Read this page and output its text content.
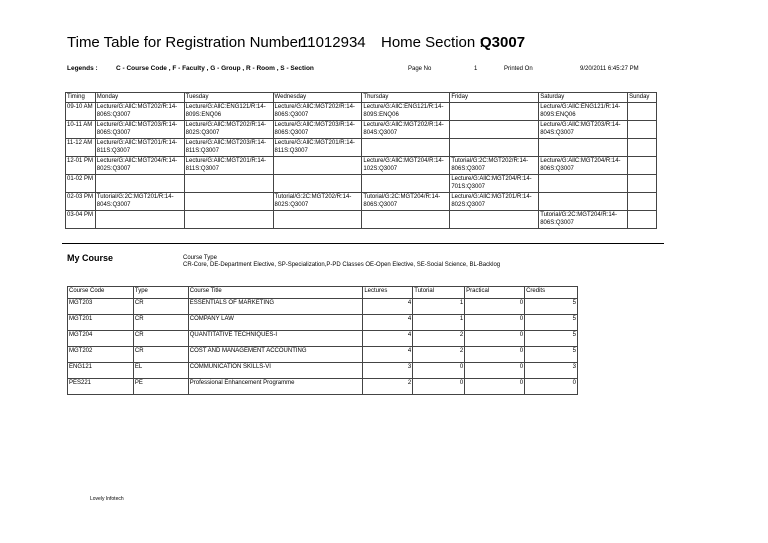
Time Table for Registration Number :
11012934 Home Section :
Q3007
Legends :	C - Course Code , F - Faculty , G - Group , R - Room , S - Section	Page No	1	Printed On	9/20/2011 6:45:27 PM
Timing	Monday	Tuesday	Wednesday	Thursday	Friday	Saturday	Sunday
09-10 AM	Lecture/G:AllC:MGT202/R:14-806S:Q3007	Lecture/G:AllC:ENG121/R:14-809S:ENQ06	Lecture/G:AllC:MGT202/R:14-806S:Q3007	Lecture/G:AllC:ENG121/R:14-809S:ENQ06		Lecture/G:AllC:ENG121/R:14-809S:ENQ06	
10-11 AM	Lecture/G:AllC:MGT203/R:14-806S:Q3007	Lecture/G:AllC:MGT202/R:14-802S:Q3007	Lecture/G:AllC:MGT203/R:14-806S:Q3007	Lecture/G:AllC:MGT202/R:14-804S:Q3007		Lecture/G:AllC:MGT203/R:14-804S:Q3007	
11-12 AM	Lecture/G:AllC:MGT201/R:14-811S:Q3007	Lecture/G:AllC:MGT203/R:14-811S:Q3007	Lecture/G:AllC:MGT201/R:14-811S:Q3007				
12-01 PM	Lecture/G:AllC:MGT204/R:14-802S:Q3007	Lecture/G:AllC:MGT201/R:14-811S:Q3007		Lecture/G:AllC:MGT204/R:14-102S:Q3007	Tutorial/G:2C:MGT202/R:14-806S:Q3007	Lecture/G:AllC:MGT204/R:14-806S:Q3007	
01-02 PM					Lecture/G:AllC:MGT204/R:14-701S:Q3007		
02-03 PM	Tutorial/G:2C:MGT201/R:14-804S:Q3007		Tutorial/G:2C:MGT202/R:14-802S:Q3007	Tutorial/G:2C:MGT204/R:14-806S:Q3007	Lecture/G:AllC:MGT201/R:14-802S:Q3007		
03-04 PM						Tutorial/G:2C:MGT204/R:14-806S:Q3007	
My Course	Course Type
CR-Core, DE-Department Elective, SP-Specialization,P-PD Classes OE-Open Elective, SE-Social Science, BL-Backlog
Course Code	Type	Course Title	Lectures	Tutorial	Practical	Credits
MGT203	CR	ESSENTIALS OF MARKETING	4	1	0	5
MGT201	CR	COMPANY LAW	4	1	0	5
MGT204	CR	QUANTITATIVE TECHNIQUES-I	4	2	0	5
MGT202	CR	COST AND MANAGEMENT ACCOUNTING	4	2	0	5
ENG121	EL	COMMUNICATION SKILLS-VI	3	0	0	3
PES221	PE	Professional Enhancement Programme	2	0	0	0
Lovely Infotech
